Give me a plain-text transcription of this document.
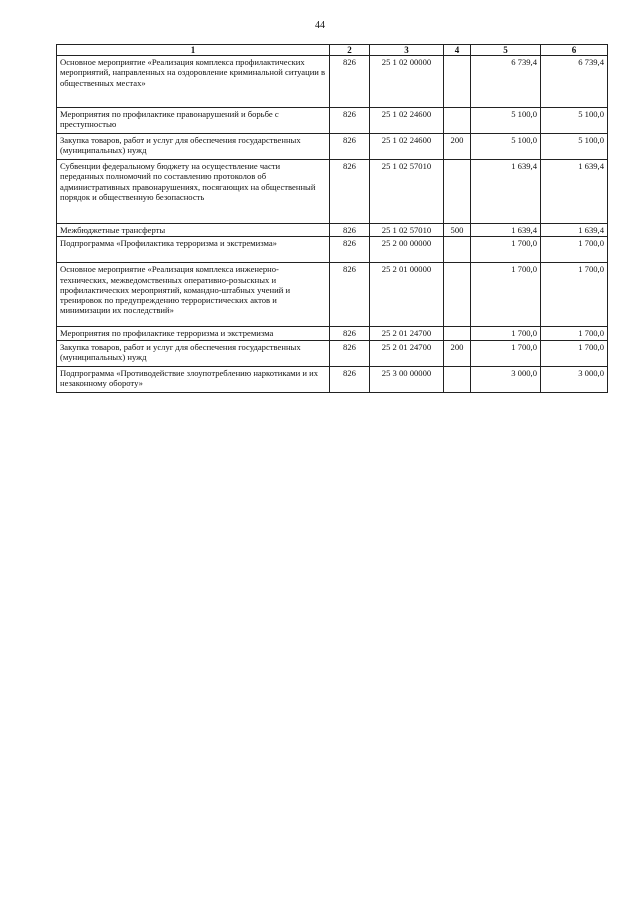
44
1	2	3	4	5	6
Основное мероприятие «Реализация комплекса профилактических мероприятий, направленных на оздоровление криминальной ситуации в общественных местах»	826	25 1 02 00000		6 739,4	6 739,4
Мероприятия по профилактике правонарушений и борьбе с преступностью	826	25 1 02 24600		5 100,0	5 100,0
Закупка товаров, работ и услуг для обеспечения государственных (муниципальных) нужд	826	25 1 02 24600	200	5 100,0	5 100,0
Субвенции федеральному бюджету на осуществление части переданных полномочий по составлению протоколов об административных правонарушениях, посягающих на общественный порядок и общественную безопасность	826	25 1 02 57010		1 639,4	1 639,4
Межбюджетные трансферты	826	25 1 02 57010	500	1 639,4	1 639,4
Подпрограмма «Профилактика терроризма и экстремизма»	826	25 2 00 00000		1 700,0	1 700,0
Основное мероприятие «Реализация комплекса инженерно-технических, межведомственных оперативно-розыскных и профилактических мероприятий, командно-штабных учений и тренировок по предупреждению террористических актов и минимизации их последствий»	826	25 2 01 00000		1 700,0	1 700,0
Мероприятия по профилактике терроризма и экстремизма	826	25 2 01 24700		1 700,0	1 700,0
Закупка товаров, работ и услуг для обеспечения государственных (муниципальных) нужд	826	25 2 01 24700	200	1 700,0	1 700,0
Подпрограмма «Противодействие злоупотреблению наркотиками и их незаконному обороту»	826	25 3 00 00000		3 000,0	3 000,0
